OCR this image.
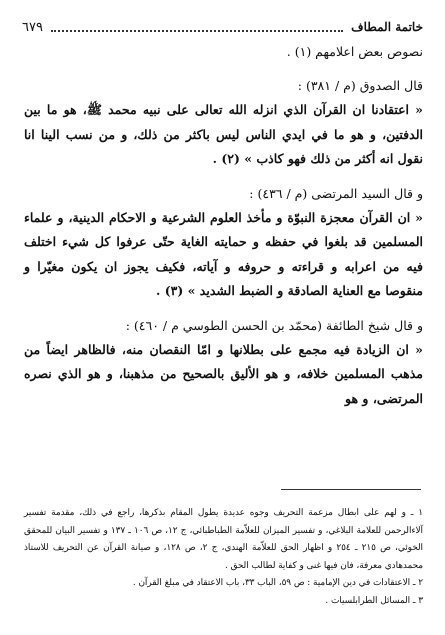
خاتمة المطاف
٦٧٩

نصوص بعض اعلامهم (١) .

قال الصدوق (م / ٣٨١) :

« اعتقادنا ان القرآن الذي انزله الله تعالى على نبيه محمد ﷺ، هو ما بين الدفتين، و هو ما في ايدي الناس ليس باكثر من ذلك، و من نسب الينا انا نقول انه أكثر من ذلك فهو كاذب » (٢) .

و قال السيد المرتضى (م / ٤٣٦) :

« ان القرآن معجزة النبوّة و مأخذ العلوم الشرعية و الاحكام الدينية، و علماء المسلمين قد بلغوا في حفظه و حمايته الغاية حتّى عرفوا كل شيء اختلف فيه من اعرابه و قراءته و حروفه و آياته، فكيف يجوز ان يكون مغيّرا و منقوصا مع العناية الصادقة و الضبط الشديد » (٣) .

و قال شيخ الطائفة (محمّد بن الحسن الطوسي م / ٤٦٠) :

« ان الزيادة فيه مجمع على بطلانها و امّا النقصان منه، فالظاهر ايضاً من مذهب المسلمين خلافه، و هو الأليق بالصحيح من مذهبنا، و هو الذي نصره المرتضى، و هو

١ ـ و لهم على ابطال مزعمة التحريف وجوه عديدة يطول المقام بذكرها، راجع في ذلك، مقدمة تفسير آلاءالرحمن للعلامة البلاغي، و تفسير الميزان للعلاّمة الطباطبائي، ج ١٢، ص ١٠٦ ـ ١٣٧ و تفسير البيان للمحقق الخوئي، ص ٢١٥ ـ ٢٥٤ و اظهار الحق للعلاّمة الهندي، ج ٢، ص ١٢٨، و صيانة القرآن عن التحريف للاستاذ محمدهادي معرفة، فان فيها غنى و كفاية لطالب الحق .

٢ ـ الاعتقادات في دين الإمامية : ص ٥٩، الباب ٣٣، باب الاعتقاد في مبلغ القرآن .

٣ ـ المسائل الطرابلسيات .
